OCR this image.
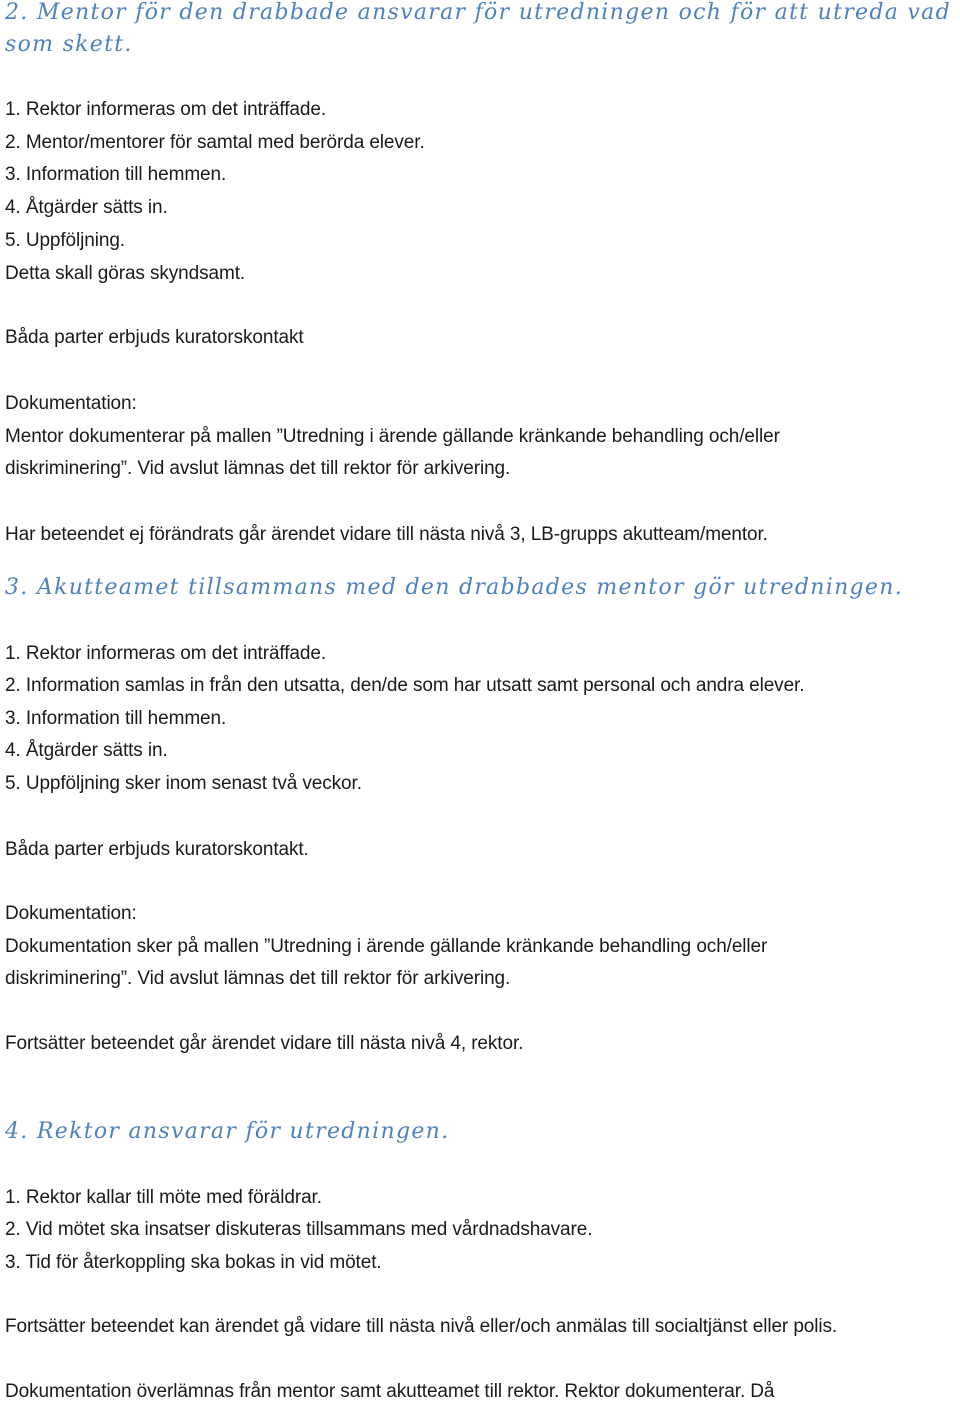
2. Mentor för den drabbade ansvarar för utredningen och för att utreda vad
som skett.

1. Rektor informeras om det inträffade.

2. Mentor/mentorer för samtal med berörda elever.

3. Information till hemmen.

4. Åtgärder sätts in.

5. Uppföljning.

Detta skall göras skyndsamt.

Båda parter erbjuds kuratorskontakt

Dokumentation:

Mentor dokumenterar på mallen ”Utredning i ärende gällande kränkande behandling och/eller

diskriminering”. Vid avslut lämnas det till rektor för arkivering.

Har beteendet ej förändrats går ärendet vidare till nästa nivå 3, LB-grupps akutteam/mentor.

3. Akutteamet tillsammans med den drabbades mentor gör utredningen.

1. Rektor informeras om det inträffade.

2. Information samlas in från den utsatta, den/de som har utsatt samt personal och andra elever.

3. Information till hemmen.

4. Åtgärder sätts in.

5. Uppföljning sker inom senast två veckor.

Båda parter erbjuds kuratorskontakt.

Dokumentation:

Dokumentation sker på mallen ”Utredning i ärende gällande kränkande behandling och/eller

diskriminering”. Vid avslut lämnas det till rektor för arkivering.

Fortsätter beteendet går ärendet vidare till nästa nivå 4, rektor.

4. Rektor ansvarar för utredningen.

1. Rektor kallar till möte med föräldrar.

2. Vid mötet ska insatser diskuteras tillsammans med vårdnadshavare.

3. Tid för återkoppling ska bokas in vid mötet.

Fortsätter beteendet kan ärendet gå vidare till nästa nivå eller/och anmälas till socialtjänst eller polis.

Dokumentation överlämnas från mentor samt akutteamet till rektor. Rektor dokumenterar. Då
